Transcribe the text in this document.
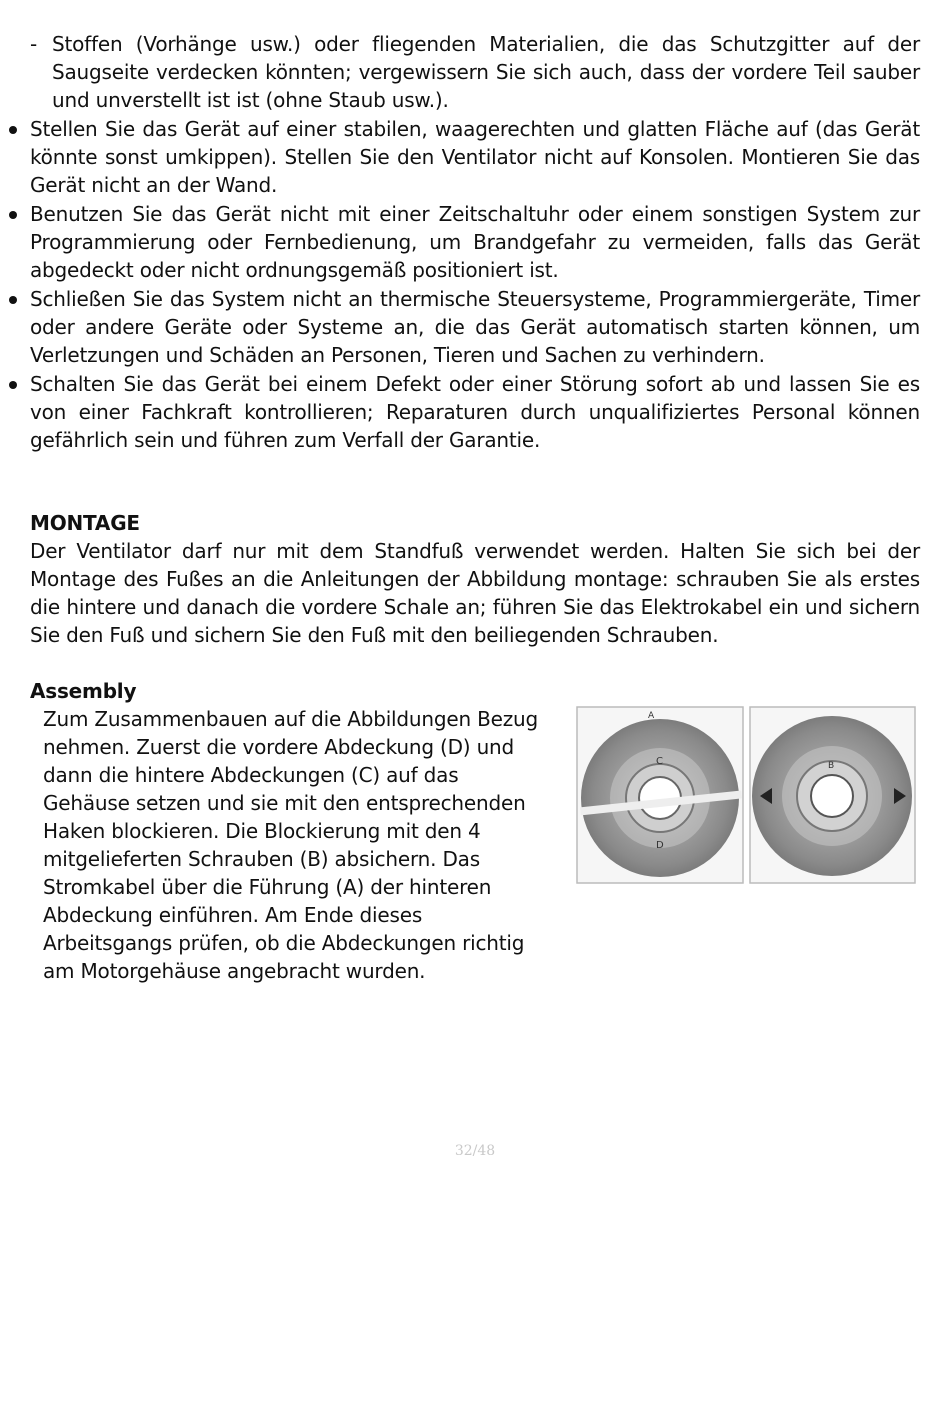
- Stoffen (Vorhänge usw.) oder fliegenden Materialien, die das Schutzgitter auf der Saugseite verdecken könnten; vergewissern Sie sich auch, dass der vordere Teil sauber und unverstellt ist ist (ohne Staub usw.).
Stellen Sie das Gerät auf einer stabilen, waagerechten und glatten Fläche auf (das Gerät könnte sonst umkippen). Stellen Sie den Ventilator nicht auf Konsolen. Montieren Sie das Gerät nicht an der Wand.
Benutzen Sie das Gerät nicht mit einer Zeitschaltuhr oder einem sonstigen System zur Programmierung oder Fernbedienung, um Brandgefahr zu vermeiden, falls das Gerät abgedeckt oder nicht ordnungsgemäß positioniert ist.
Schließen Sie das System nicht an thermische Steuersysteme, Programmiergeräte, Timer oder andere Geräte oder Systeme an, die das Gerät automatisch starten können, um Verletzungen und Schäden an Personen, Tieren und Sachen zu verhindern.
Schalten Sie das Gerät bei einem Defekt oder einer Störung sofort ab und lassen Sie es von einer Fachkraft kontrollieren; Reparaturen durch unqualifiziertes Personal können gefährlich sein und führen zum Verfall der Garantie.
MONTAGE
Der Ventilator darf nur mit dem Standfuß verwendet werden. Halten Sie sich bei der Montage des Fußes an die Anleitungen der Abbildung montage: schrauben Sie als erstes die hintere und danach die vordere Schale an; führen Sie das Elektrokabel ein und sichern Sie den Fuß und sichern Sie den Fuß mit den beiliegenden Schrauben.
Assembly
Zum Zusammenbauen auf die Abbildungen Bezug nehmen. Zuerst die vordere Abdeckung (D) und dann die hintere Abdeckungen (C) auf das Gehäuse setzen und sie mit den entsprechenden Haken blockieren. Die Blockierung mit den 4 mitgelieferten Schrauben (B) absichern. Das Stromkabel über die Führung (A) der hinteren Abdeckung einführen. Am Ende dieses Arbeitsgangs prüfen, ob die Abdeckungen richtig am Motorgehäuse angebracht wurden.
A
C
D
B
32/48
